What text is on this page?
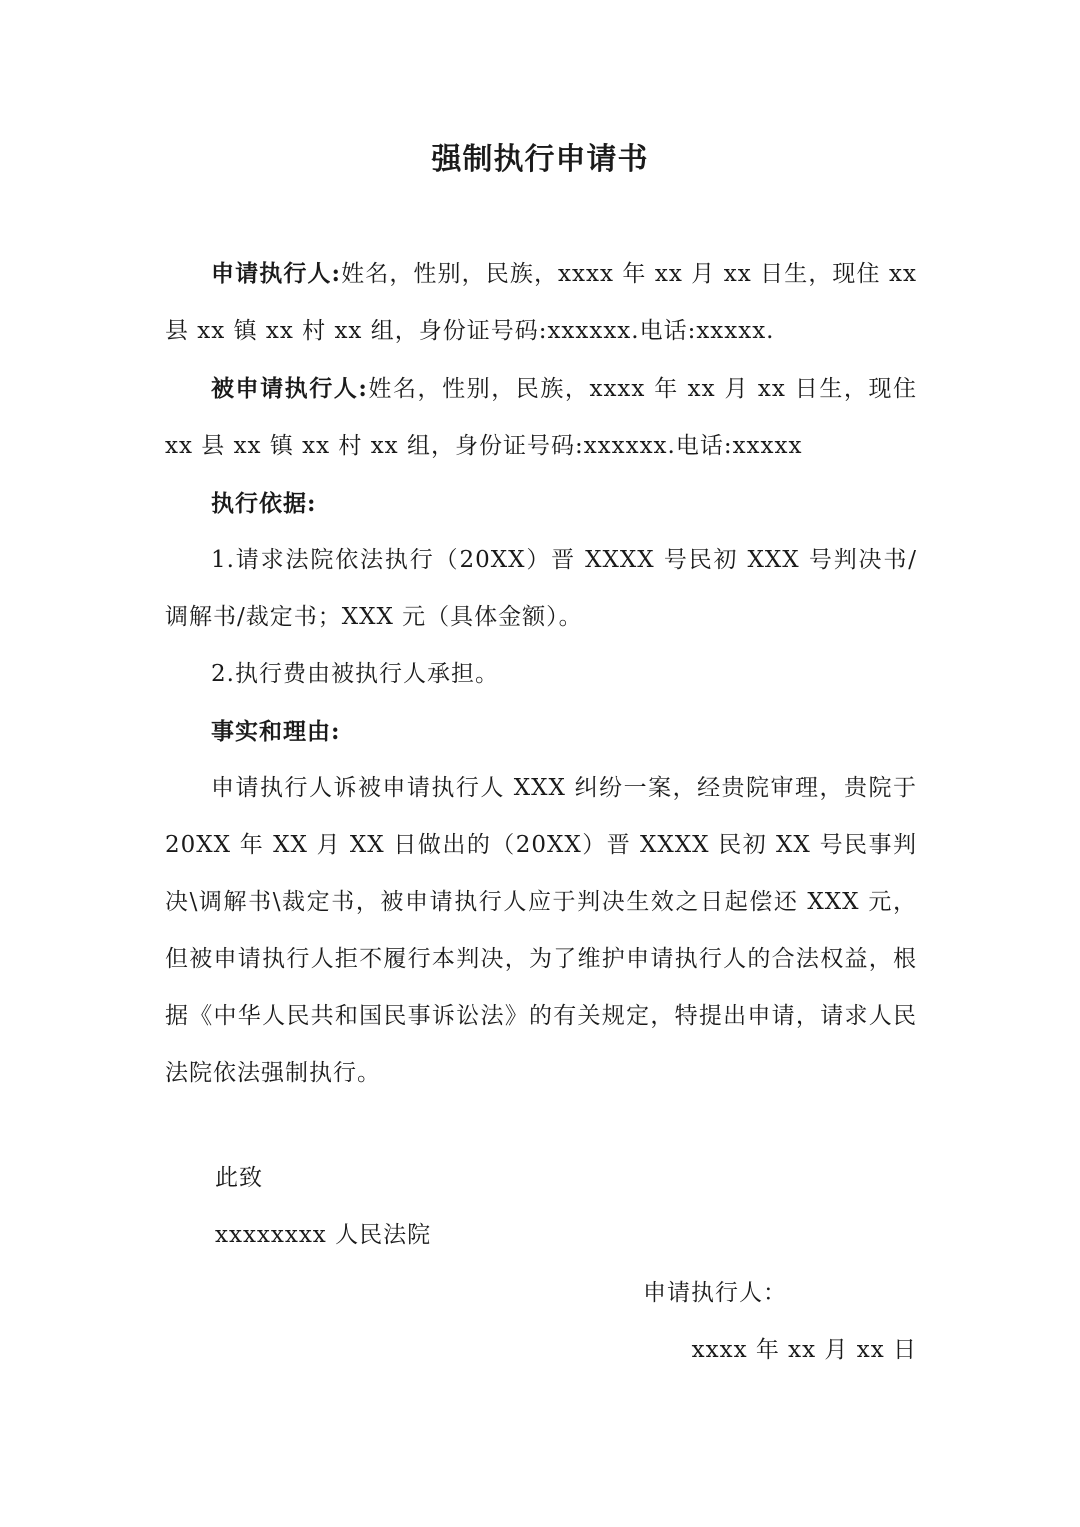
强制执行申请书

申请执行人:姓名，性别，民族，xxxx 年 xx 月 xx 日生，现住 xx 县 xx 镇 xx 村 xx 组，身份证号码:xxxxxx.电话:xxxxx.

被申请执行人:姓名，性别，民族，xxxx 年 xx 月 xx 日生，现住 xx 县 xx 镇 xx 村 xx 组，身份证号码:xxxxxx.电话:xxxxx

执行依据:

1.请求法院依法执行（20XX）晋 XXXX 号民初 XXX 号判决书/调解书/裁定书；XXX 元（具体金额）。

2.执行费由被执行人承担。

事实和理由:

申请执行人诉被申请执行人 XXX 纠纷一案，经贵院审理，贵院于 20XX 年 XX 月 XX 日做出的（20XX）晋 XXXX 民初 XX 号民事判决\调解书\裁定书，被申请执行人应于判决生效之日起偿还 XXX 元，但被申请执行人拒不履行本判决，为了维护申请执行人的合法权益，根据《中华人民共和国民事诉讼法》的有关规定，特提出申请，请求人民法院依法强制执行。

此致
xxxxxxxx 人民法院
申请执行人：
xxxx 年 xx 月 xx 日
